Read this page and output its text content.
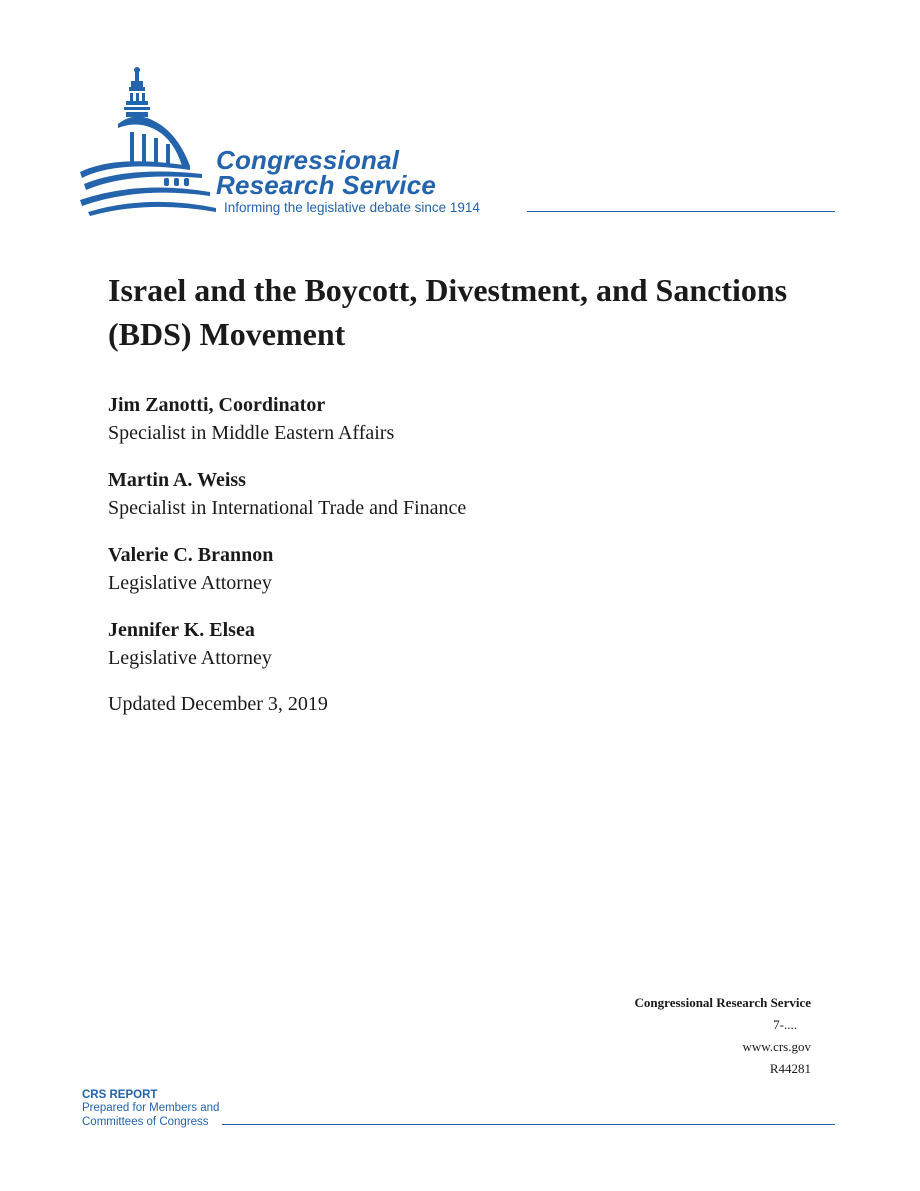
Congressional
Research Service
Informing the legislative debate since 1914
Israel and the Boycott, Divestment, and Sanctions (BDS) Movement
Jim Zanotti, Coordinator
Specialist in Middle Eastern Affairs
Martin A. Weiss
Specialist in International Trade and Finance
Valerie C. Brannon
Legislative Attorney
Jennifer K. Elsea
Legislative Attorney
Updated December 3, 2019
Congressional Research Service
7-....
www.crs.gov
R44281
CRS REPORT
Prepared for Members and
Committees of Congress
